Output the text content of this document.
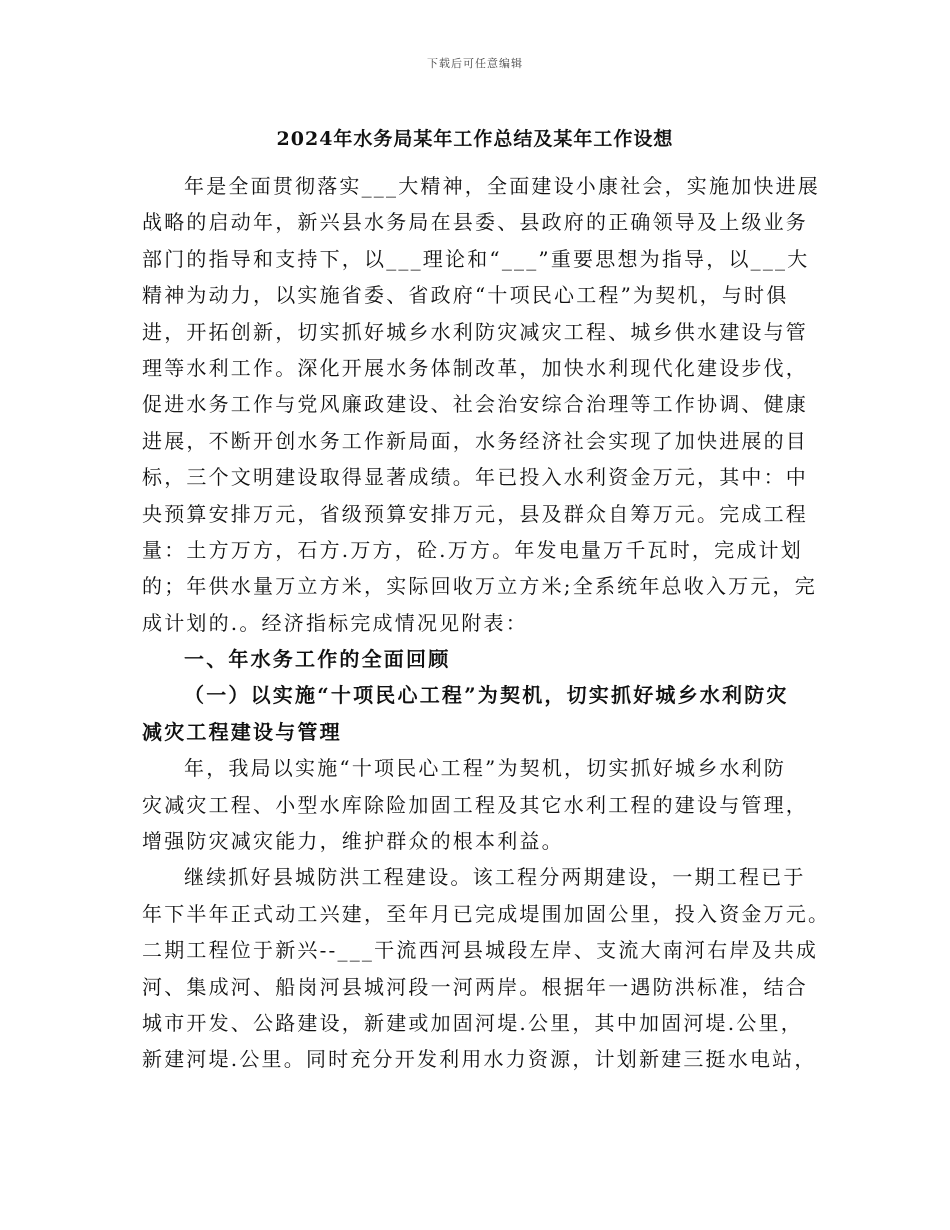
下载后可任意编辑
2024年水务局某年工作总结及某年工作设想
年是全面贯彻落实___大精神，全面建设小康社会，实施加快进展
战略的启动年，新兴县水务局在县委、县政府的正确领导及上级业务
部门的指导和支持下，以___理论和“___”重要思想为指导，以___大
精神为动力，以实施省委、省政府“十项民心工程”为契机，与时俱
进，开拓创新，切实抓好城乡水利防灾减灾工程、城乡供水建设与管
理等水利工作。深化开展水务体制改革，加快水利现代化建设步伐，
促进水务工作与党风廉政建设、社会治安综合治理等工作协调、健康
进展，不断开创水务工作新局面，水务经济社会实现了加快进展的目
标，三个文明建设取得显著成绩。年已投入水利资金万元，其中：中
央预算安排万元，省级预算安排万元，县及群众自筹万元。完成工程
量：土方万方，石方.万方，砼.万方。年发电量万千瓦时，完成计划
的；年供水量万立方米，实际回收万立方米;全系统年总收入万元，完
成计划的.。经济指标完成情况见附表：
一、年水务工作的全面回顾
（一）以实施“十项民心工程”为契机，切实抓好城乡水利防灾
减灾工程建设与管理
年，我局以实施“十项民心工程”为契机，切实抓好城乡水利防
灾减灾工程、小型水库除险加固工程及其它水利工程的建设与管理，
增强防灾减灾能力，维护群众的根本利益。
继续抓好县城防洪工程建设。该工程分两期建设，一期工程已于
年下半年正式动工兴建，至年月已完成堤围加固公里，投入资金万元。
二期工程位于新兴--___干流西河县城段左岸、支流大南河右岸及共成
河、集成河、船岗河县城河段一河两岸。根据年一遇防洪标准，结合
城市开发、公路建设，新建或加固河堤.公里，其中加固河堤.公里，
新建河堤.公里。同时充分开发利用水力资源，计划新建三挺水电站，
